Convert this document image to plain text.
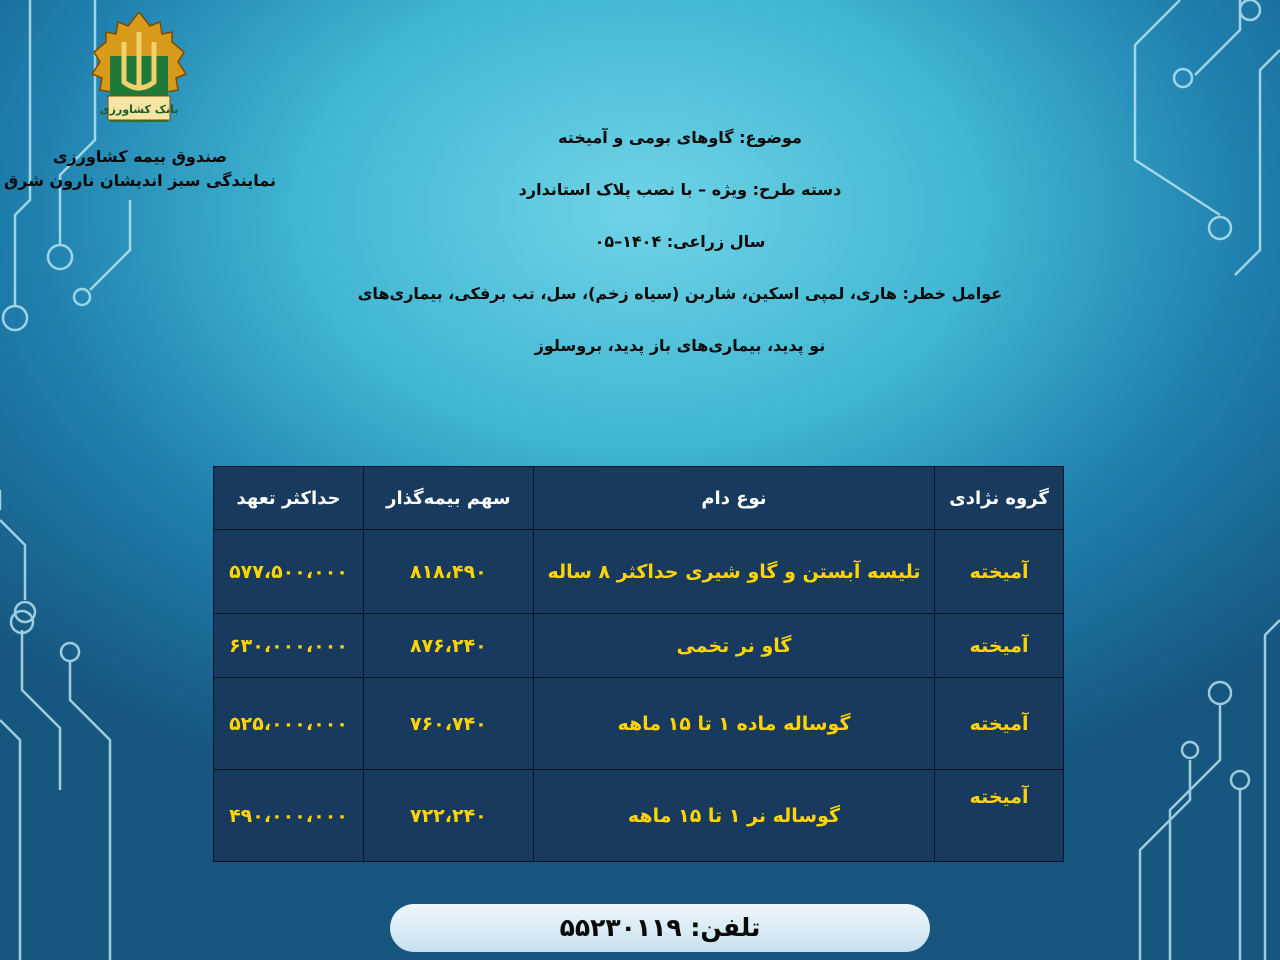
بانک کشاورزی
صندوق بیمه کشاورزی
نمایندگی سبز اندیشان نارون شرق
موضوع: گاوهای بومی و آمیخته
دسته طرح: ویژه – با نصب پلاک استاندارد
سال زراعی: ۱۴۰۴–۰۵
عوامل خطر: هاری، لمپی اسکین، شاربن (سیاه زخم)، سل، تب برفکی، بیماری‌های
نو پدید، بیماری‌های باز پدید، بروسلوز
گروه نژادی	نوع دام	سهم بیمه‌گذار	حداکثر تعهد
آمیخته	تلیسه آبستن و گاو شیری حداکثر ۸ ساله	۸۱۸،۴۹۰	۵۷۷،۵۰۰،۰۰۰
آمیخته	گاو نر تخمی	۸۷۶،۲۴۰	۶۳۰،۰۰۰،۰۰۰
آمیخته	گوساله ماده ۱ تا ۱۵ ماهه	۷۶۰،۷۴۰	۵۲۵،۰۰۰،۰۰۰
آمیخته	گوساله نر ۱ تا ۱۵ ماهه	۷۲۲،۲۴۰	۴۹۰،۰۰۰،۰۰۰
تلفن: ۵۵۲۳۰۱۱۹
